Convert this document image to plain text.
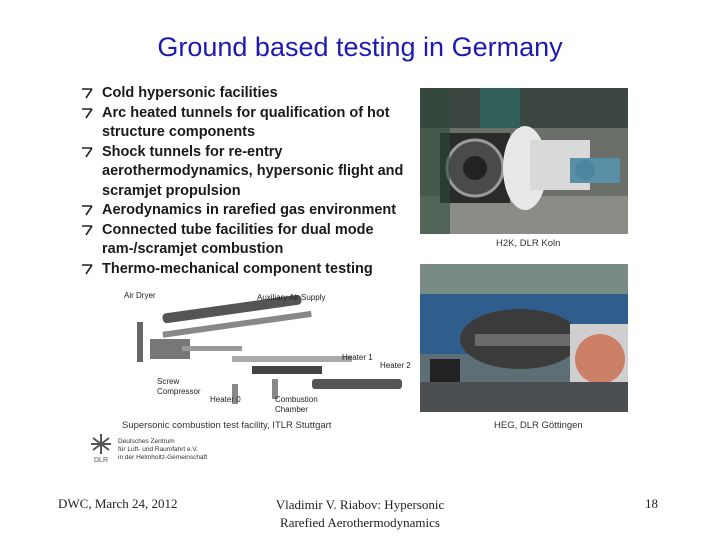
Ground based testing in Germany
Cold hypersonic facilities
Arc heated tunnels for qualification of hot structure components
Shock tunnels for re-entry aerothermodynamics, hypersonic flight and scramjet propulsion
Aerodynamics in rarefied gas environment
Connected tube facilities for dual mode ram-/scramjet combustion
Thermo-mechanical component testing
H2K, DLR Koln
HEG, DLR Göttingen
Air Dryer	Auxiliary Air Supply
Heater 1
Heater 2
Screw
Compressor
Heater 0	Combustion
Chamber
Supersonic combustion test facility, ITLR Stuttgart
DLR
Deutsches Zentrum
für Luft- und Raumfahrt e.V.
in der Helmholtz-Gemeinschaft
DWC, March 24, 2012	Vladimir V. Riabov: Hypersonic
Rarefied Aerothermodynamics
18
